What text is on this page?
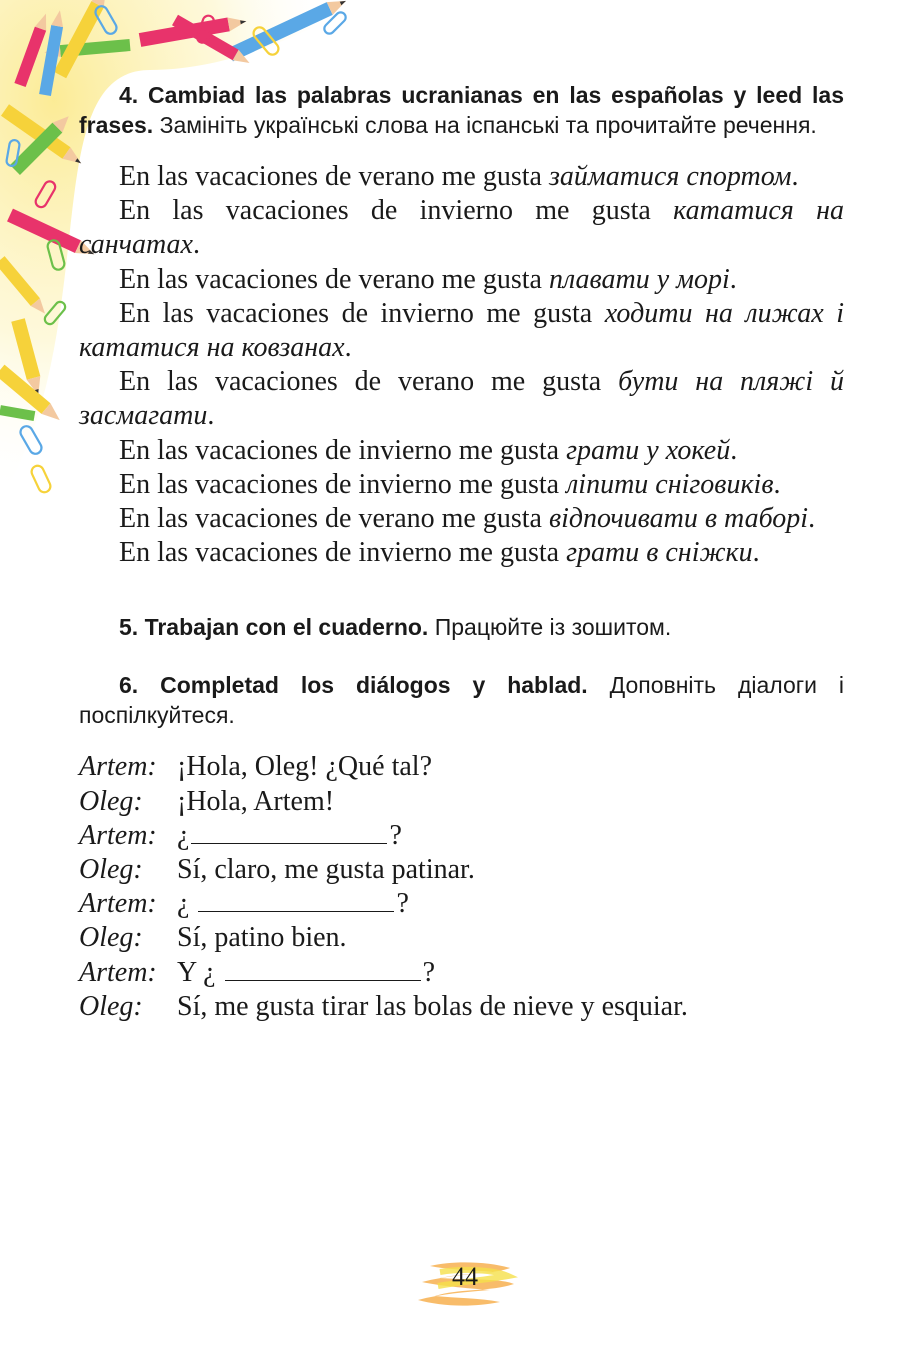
4. Cambiad las palabras ucranianas en las españolas y leed las frases. Замініть українські слова на іспанські та прочитайте речення.

En las vacaciones de verano me gusta займатися спортом.

En las vacaciones de invierno me gusta кататися на санчатах.

En las vacaciones de verano me gusta плавати у морі.

En las vacaciones de invierno me gusta ходити на лижах і кататися на ковзанах.

En las vacaciones de verano me gusta бути на пляжі й засмагати.

En las vacaciones de invierno me gusta грати у хокей.

En las vacaciones de invierno me gusta ліпити сніговиків.

En las vacaciones de verano me gusta відпочивати в таборі.

En las vacaciones de invierno me gusta грати в сніжки.

5. Trabajan con el cuaderno. Працюйте із зошитом.

6. Completad los diálogos y hablad. Доповніть діалоги і поспілкуйтеся.

Artem: ¡Hola, Oleg! ¿Qué tal?
Oleg:	¡Hola, Artem!
Artem: ¿	?
Oleg:	Sí, claro, me gusta patinar.
Artem: ¿	?
Oleg:	Sí, patino bien.
Artem: Y ¿	?
Oleg:	Sí, me gusta tirar las bolas de nieve y esquiar.
44
